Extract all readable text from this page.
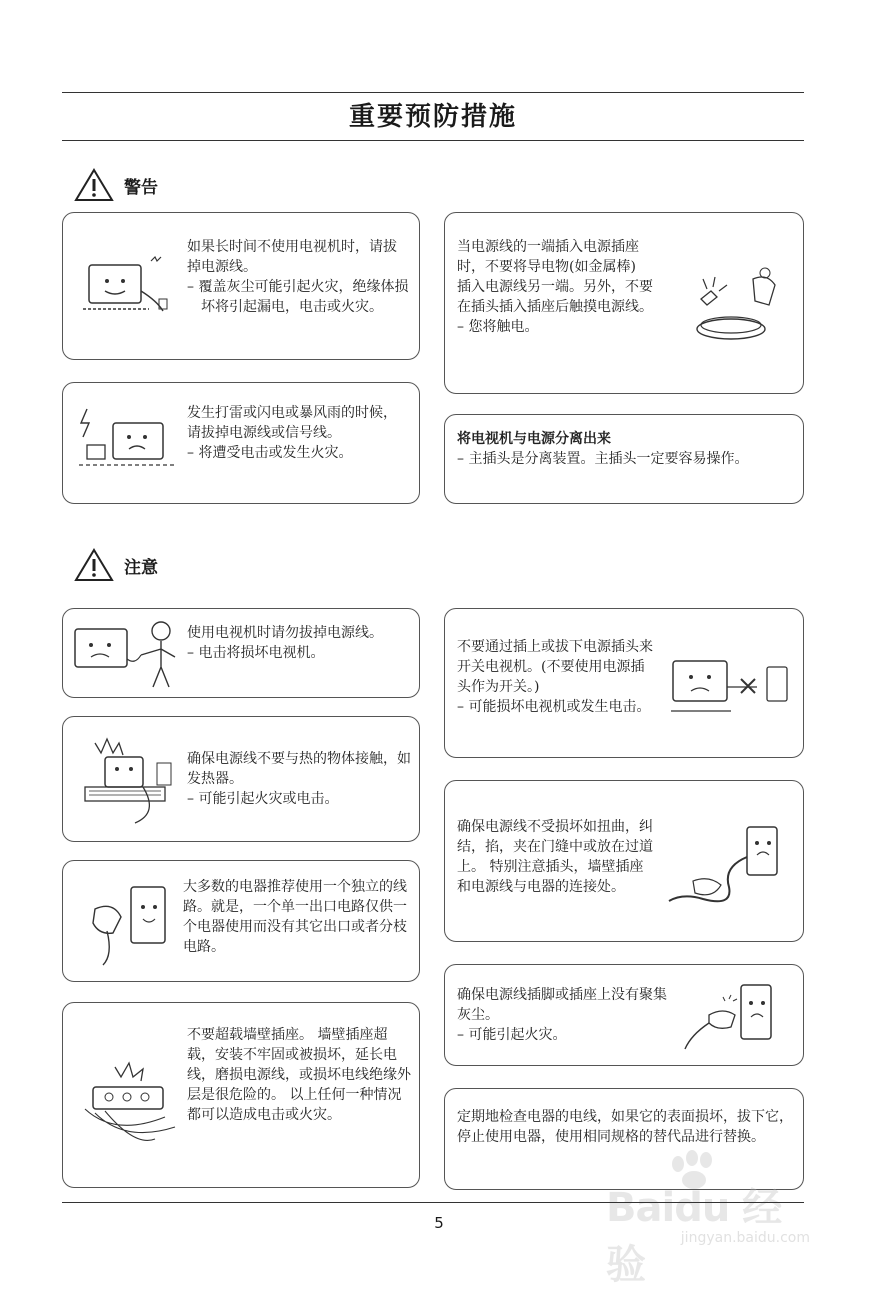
重要预防措施
警告

如果长时间不使用电视机时，请拔掉电源线。

– 覆盖灰尘可能引起火灾，绝缘体损坏将引起漏电，电击或火灾。

发生打雷或闪电或暴风雨的时候，请拔掉电源线或信号线。

– 将遭受电击或发生火灾。

当电源线的一端插入电源插座时，不要将导电物(如金属棒) 插入电源线另一端。另外，不要在插头插入插座后触摸电源线。

– 您将触电。

将电视机与电源分离出来

– 主插头是分离装置。主插头一定要容易操作。

注意

使用电视机时请勿拔掉电源线。

– 电击将损坏电视机。

确保电源线不要与热的物体接触，如发热器。

– 可能引起火灾或电击。

大多数的电器推荐使用一个独立的线路。就是，一个单一出口电路仅供一个电器使用而没有其它出口或者分枝电路。

不要超载墙壁插座。 墙壁插座超载，安装不牢固或被损坏，延长电线，磨损电源线，或损坏电线绝缘外层是很危险的。 以上任何一种情况都可以造成电击或火灾。

不要通过插上或拔下电源插头来开关电视机。(不要使用电源插头作为开关。)

– 可能损坏电视机或发生电击。

确保电源线不受损坏如扭曲，纠结，掐，夹在门缝中或放在过道上。 特别注意插头，墙壁插座和电源线与电器的连接处。

确保电源线插脚或插座上没有聚集灰尘。

– 可能引起火灾。

定期地检查电器的电线，如果它的表面损坏，拔下它，停止使用电器，使用相同规格的替代品进行替换。

Baidu 经验
jingyan.baidu.com
5
